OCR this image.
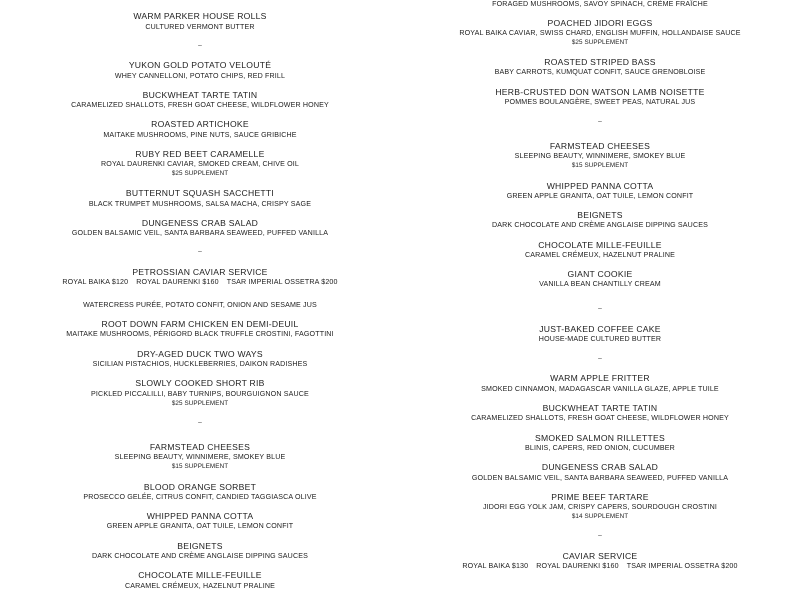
WARM PARKER HOUSE ROLLS
CULTURED VERMONT BUTTER
~
YUKON GOLD POTATO VELOUTÉ
WHEY CANNELLONI, POTATO CHIPS, RED FRILL
BUCKWHEAT TARTE TATIN
CARAMELIZED SHALLOTS, FRESH GOAT CHEESE, WILDFLOWER HONEY
ROASTED ARTICHOKE
MAITAKE MUSHROOMS, PINE NUTS, SAUCE GRIBICHE
RUBY RED BEET CARAMELLE
ROYAL DAURENKI CAVIAR, SMOKED CREAM, CHIVE OIL
$25 SUPPLEMENT
BUTTERNUT SQUASH SACCHETTI
BLACK TRUMPET MUSHROOMS, SALSA MACHA, CRISPY SAGE
DUNGENESS CRAB SALAD
GOLDEN BALSAMIC VEIL, SANTA BARBARA SEAWEED, PUFFED VANILLA
~
PETROSSIAN CAVIAR SERVICE
ROYAL BAIKA $120 ROYAL DAURENKI $160 TSAR IMPERIAL OSSETRA $200
WATERCRESS PURÉE, POTATO CONFIT, ONION AND SESAME JUS
ROOT DOWN FARM CHICKEN EN DEMI-DEUIL
MAITAKE MUSHROOMS, PÉRIGORD BLACK TRUFFLE CROSTINI, FAGOTTINI
DRY-AGED DUCK TWO WAYS
SICILIAN PISTACHIOS, HUCKLEBERRIES, DAIKON RADISHES
SLOWLY COOKED SHORT RIB
PICKLED PICCALILLI, BABY TURNIPS, BOURGUIGNON SAUCE
$25 SUPPLEMENT
~
FARMSTEAD CHEESES
SLEEPING BEAUTY, WINNIMERE, SMOKEY BLUE
$15 SUPPLEMENT
BLOOD ORANGE SORBET
PROSECCO GELÉE, CITRUS CONFIT, CANDIED TAGGIASCA OLIVE
WHIPPED PANNA COTTA
GREEN APPLE GRANITA, OAT TUILE, LEMON CONFIT
BEIGNETS
DARK CHOCOLATE AND CRÈME ANGLAISE DIPPING SAUCES
CHOCOLATE MILLE-FEUILLE
CARAMEL CRÉMEUX, HAZELNUT PRALINE
FORAGED MUSHROOMS, SAVOY SPINACH, CRÈME FRAÎCHE
POACHED JIDORI EGGS
ROYAL BAIKA CAVIAR, SWISS CHARD, ENGLISH MUFFIN, HOLLANDAISE SAUCE
$25 SUPPLEMENT
ROASTED STRIPED BASS
BABY CARROTS, KUMQUAT CONFIT, SAUCE GRENOBLOISE
HERB-CRUSTED DON WATSON LAMB NOISETTE
POMMES BOULANGÈRE, SWEET PEAS, NATURAL JUS
~
FARMSTEAD CHEESES
SLEEPING BEAUTY, WINNIMERE, SMOKEY BLUE
$15 SUPPLEMENT
WHIPPED PANNA COTTA
GREEN APPLE GRANITA, OAT TUILE, LEMON CONFIT
BEIGNETS
DARK CHOCOLATE AND CRÈME ANGLAISE DIPPING SAUCES
CHOCOLATE MILLE-FEUILLE
CARAMEL CRÉMEUX, HAZELNUT PRALINE
GIANT COOKIE
VANILLA BEAN CHANTILLY CREAM
~
JUST-BAKED COFFEE CAKE
HOUSE-MADE CULTURED BUTTER
~
WARM APPLE FRITTER
SMOKED CINNAMON, MADAGASCAR VANILLA GLAZE, APPLE TUILE
BUCKWHEAT TARTE TATIN
CARAMELIZED SHALLOTS, FRESH GOAT CHEESE, WILDFLOWER HONEY
SMOKED SALMON RILLETTES
BLINIS, CAPERS, RED ONION, CUCUMBER
DUNGENESS CRAB SALAD
GOLDEN BALSAMIC VEIL, SANTA BARBARA SEAWEED, PUFFED VANILLA
PRIME BEEF TARTARE
JIDORI EGG YOLK JAM, CRISPY CAPERS, SOURDOUGH CROSTINI
$14 SUPPLEMENT
~
CAVIAR SERVICE
ROYAL BAIKA $130 ROYAL DAURENKI $160 TSAR IMPERIAL OSSETRA $200
